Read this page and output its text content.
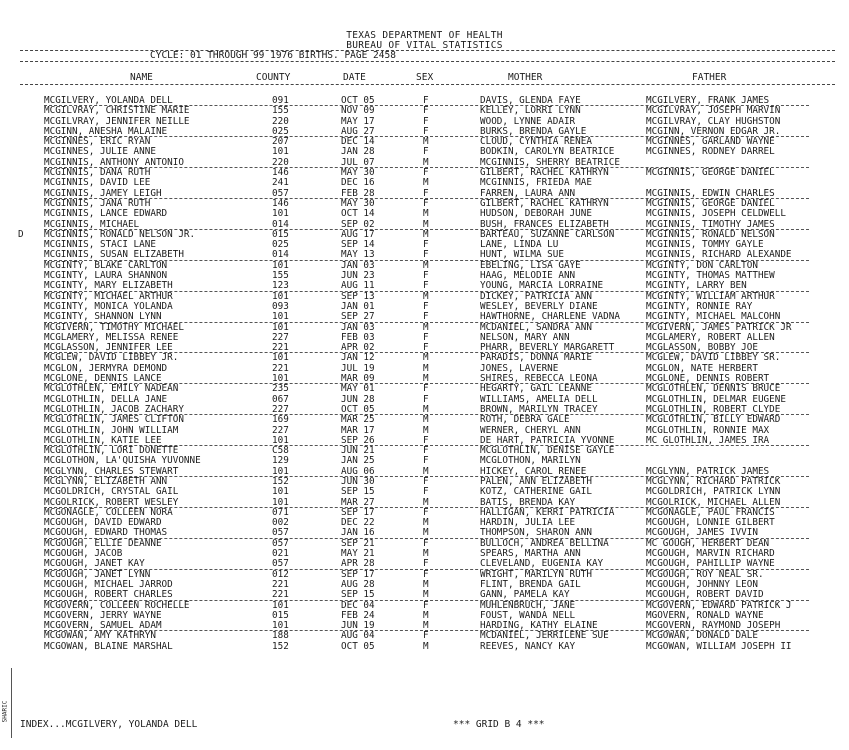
TEXAS DEPARTMENT OF HEALTH
BUREAU OF VITAL STATISTICS
CYCLE: 01 THROUGH 99 1976 BIRTHS. PAGE 2458
NAME	COUNTY	DATE	SEX	MOTHER	FATHER
MCGILVERY, YOLANDA DELL	091	OCT 05	F	DAVIS, GLENDA FAYE	MCGILVERY, FRANK JAMES
MCGILVRAY, CHRISTINE MARIE	155	NOV 09	F	KELLEY, LORRI LYNN	MCGILVRAY, JOSEPH MARVIN
MCGILVRAY, JENNIFER NEILLE	220	MAY 17	F	WOOD, LYNNE ADAIR	MCGILVRAY, CLAY HUGHSTON
MCGINN, ANESHA MALAINE	025	AUG 27	F	BURKS, BRENDA GAYLE	MCGINN, VERNON EDGAR JR.
MCGINNES, ERIC RYAN	207	DEC 14	M	CLOUD, CYNTHIA RENEA	MCGINNES, GARLAND WAYNE
MCGINNES, JULIE ANNE	101	JAN 28	F	BODKIN, CAROLYN BEATRICE	MCGINNES, RODNEY DARREL
MCGINNIS, ANTHONY ANTONIO	220	JUL 07	M	MCGINNIS, SHERRY BEATRICE
MCGINNIS, DANA RUTH	146	MAY 30	F	GILBERT, RACHEL KATHRYN	MCGINNIS, GEORGE DANIEL
MCGINNIS, DAVID LEE	241	DEC 16	M	MCGINNIS, FRIEDA MAE
MCGINNIS, JAMEY LEIGH	057	FEB 28	F	FARREN, LAURA ANN	MCGINNIS, EDWIN CHARLES
MCGINNIS, JANA RUTH	146	MAY 30	F	GILBERT, RACHEL KATHRYN	MCGINNIS, GEORGE DANIEL
MCGINNIS, LANCE EDWARD	101	OCT 14	M	HUDSON, DEBORAH JUNE	MCGINNIS, JOSEPH CELDWELL
MCGINNIS, MICHAEL	014	SEP 02	M	BUSH, FRANCES ELIZABETH	MCGINNIS, TIMOTHY JAMES
D MCGINNIS, RONALD NELSON JR.	015	AUG 17	M	BARTEAU, SUZANNE CARLSON	MCGINNIS, RONALD NELSON
MCGINNIS, STACI LANE	025	SEP 14	F	LANE, LINDA LU	MCGINNIS, TOMMY GAYLE
MCGINNIS, SUSAN ELIZABETH	014	MAY 13	F	HUNT, WILMA SUE	MCGINNIS, RICHARD ALEXANDE
MCGINTY, BLAKE CARLTON	101	JAN 03	M	EBELING, LISA GAYE	MCGINTY, DON CARLTON
MCGINTY, LAURA SHANNON	155	JUN 23	F	HAAG, MELODIE ANN	MCGINTY, THOMAS MATTHEW
MCGINTY, MARY ELIZABETH	123	AUG 11	F	YOUNG, MARCIA LORRAINE	MCGINTY, LARRY BEN
MCGINTY, MICHAEL ARTHUR	101	SEP 13	M	DICKEY, PATRICIA ANN	MCGINTY, WILLIAM ARTHUR
MCGINTY, MONICA YOLANDA	093	JAN 01	F	WESLEY, BEVERLY DIANE	MCGINTY, RONNIE RAY
MCGINTY, SHANNON LYNN	101	SEP 27	F	HAWTHORNE, CHARLENE VADNA	MCGINTY, MICHAEL MALCOHN
MCGIVERN, TIMOTHY MICHAEL	101	JAN 03	M	MCDANIEL, SANDRA ANN	MCGIVERN, JAMES PATRICK JR
MCGLAMERY, MELISSA RENEE	227	FEB 03	F	NELSON, MARY ANN	MCGLAMERY, ROBERT ALLEN
MCGLASSON, JENNIFER LEE	221	APR 02	F	PHARR, BEVERLY MARGARETT	MCGLASSON, BOBBY JOE
MCGLEW, DAVID LIBBEY JR.	101	JAN 12	M	PARADIS, DONNA MARIE	MCGLEW, DAVID LIBBEY SR.
MCGLON, JERMYRA DEMOND	221	JUL 19	M	JONES, LAVERNE	MCGLON, NATE HERBERT
MCGLONE, DENNIS LANCE	101	MAR 09	M	SHIRES, REBECCA LEONA	MCGLONE, DENNIS ROBERT
MCGLOTHLEN, EMILY NADEAN	235	MAY 01	F	HEGARTY, GAIL LEANNE	MCGLOTHLEN, DENNIS BRUCE
MCGLOTHLIN, DELLA JANE	067	JUN 28	F	WILLIAMS, AMELIA DELL	MCGLOTHLIN, DELMAR EUGENE
MCGLOTHLIN, JACOB ZACHARY	227	OCT 05	M	BROWN, MARILYN TRACEY	MCGLOTHLIN, ROBERT CLYDE
MCGLOTHLIN, JAMES CLIFTON	169	MAR 25	M	ROTH, DEBRA GALE	MCGLOTHLIN, BILLY EDWARD
MCGLOTHLIN, JOHN WILLIAM	227	MAR 17	M	WERNER, CHERYL ANN	MCGLOTHLIN, RONNIE MAX
MCGLOTHLIN, KATIE LEE	101	SEP 26	F	DE HART, PATRICIA YVONNE	MC GLOTHLIN, JAMES IRA
MCGLOTHLIN, LORI DONETTE	C58	JUN 21	F	MCGLOTHLIN, DENISE GAYLE
MCGLOTHON, LA'QUISHA YUVONNE	129	JAN 25	F	MCGLOTHON, MARILYN
MCGLYNN, CHARLES STEWART	101	AUG 06	M	HICKEY, CAROL RENEE	MCGLYNN, PATRICK JAMES
MCGLYNN, ELIZABETH ANN	152	JUN 30	F	PALEN, ANN ELIZABETH	MCGLYNN, RICHARD PATRICK
MCGOLDRICH, CRYSTAL GAIL	101	SEP 15	F	KOTZ, CATHERINE GAIL	MCGOLDRICH, PATRICK LYNN
MCGOLRICK, ROBERT WESLEY	101	MAR 27	M	BATIS, BRENDA KAY	MCGOLRICK, MICHAEL ALLEN
MCGONAGLE, COLLEEN NORA	071	SEP 17	F	HALLIGAN, KERRI PATRICIA	MCGONAGLE, PAUL FRANCIS
MCGOUGH, DAVID EDWARD	002	DEC 22	M	HARDIN, JULIA LEE	MCGOUGH, LONNIE GILBERT
MCGOUGH, EDWARD THOMAS	057	JAN 16	M	THOMPSON, SHARON ANN	MCGOUGH, JAMES IVVIN
MCGOUGH, ELLIE DEANNE	057	SEP 21	F	BULLOCH, ANDREA BELLINA	MC GOUGH, HERBERT DEAN
MCGOUGH, JACOB	021	MAY 21	M	SPEARS, MARTHA ANN	MCGOUGH, MARVIN RICHARD
MCGOUGH, JANET KAY	057	APR 28	F	CLEVELAND, EUGENIA KAY	MCGOUGH, PAHILLIP WAYNE
MCGOUGH, JANET LYNN	012	SEP 17	F	WRIGHT, MARILYN RUTH	MCGOUGH, ROY NEAL SR.
MCGOUGH, MICHAEL JARROD	221	AUG 28	M	FLINT, BRENDA GAIL	MCGOUGH, JOHNNY LEON
MCGOUGH, ROBERT CHARLES	221	SEP 15	M	GANN, PAMELA KAY	MCGOUGH, ROBERT DAVID
MCGOVERN, COLLEEN ROCHELLE	101	DEC 04	F	MUHLENBRUCH, JANE	MCGOVERN, EDWARD PATRICK J
MCGOVERN, JERRY WAYNE	015	FEB 24	M	FOUST, WANDA NELL	MGOVERN, RONALD WAYNE
MCGOVERN, SAMUEL ADAM	101	JUN 19	M	HARDING, KATHY ELAINE	MCGOVERN, RAYMOND JOSEPH
MCGOWAN, AMY KATHRYN	188	AUG 04	F	MCDANIEL, JERRILENE SUE	MCGOWAN, DONALD DALE
MCGOWAN, BLAINE MARSHAL	152	OCT 05	M	REEVES, NANCY KAY	MCGOWAN, WILLIAM JOSEPH II
INDEX...MCGILVERY, YOLANDA DELL	*** GRID B 4 ***
SHARIC
